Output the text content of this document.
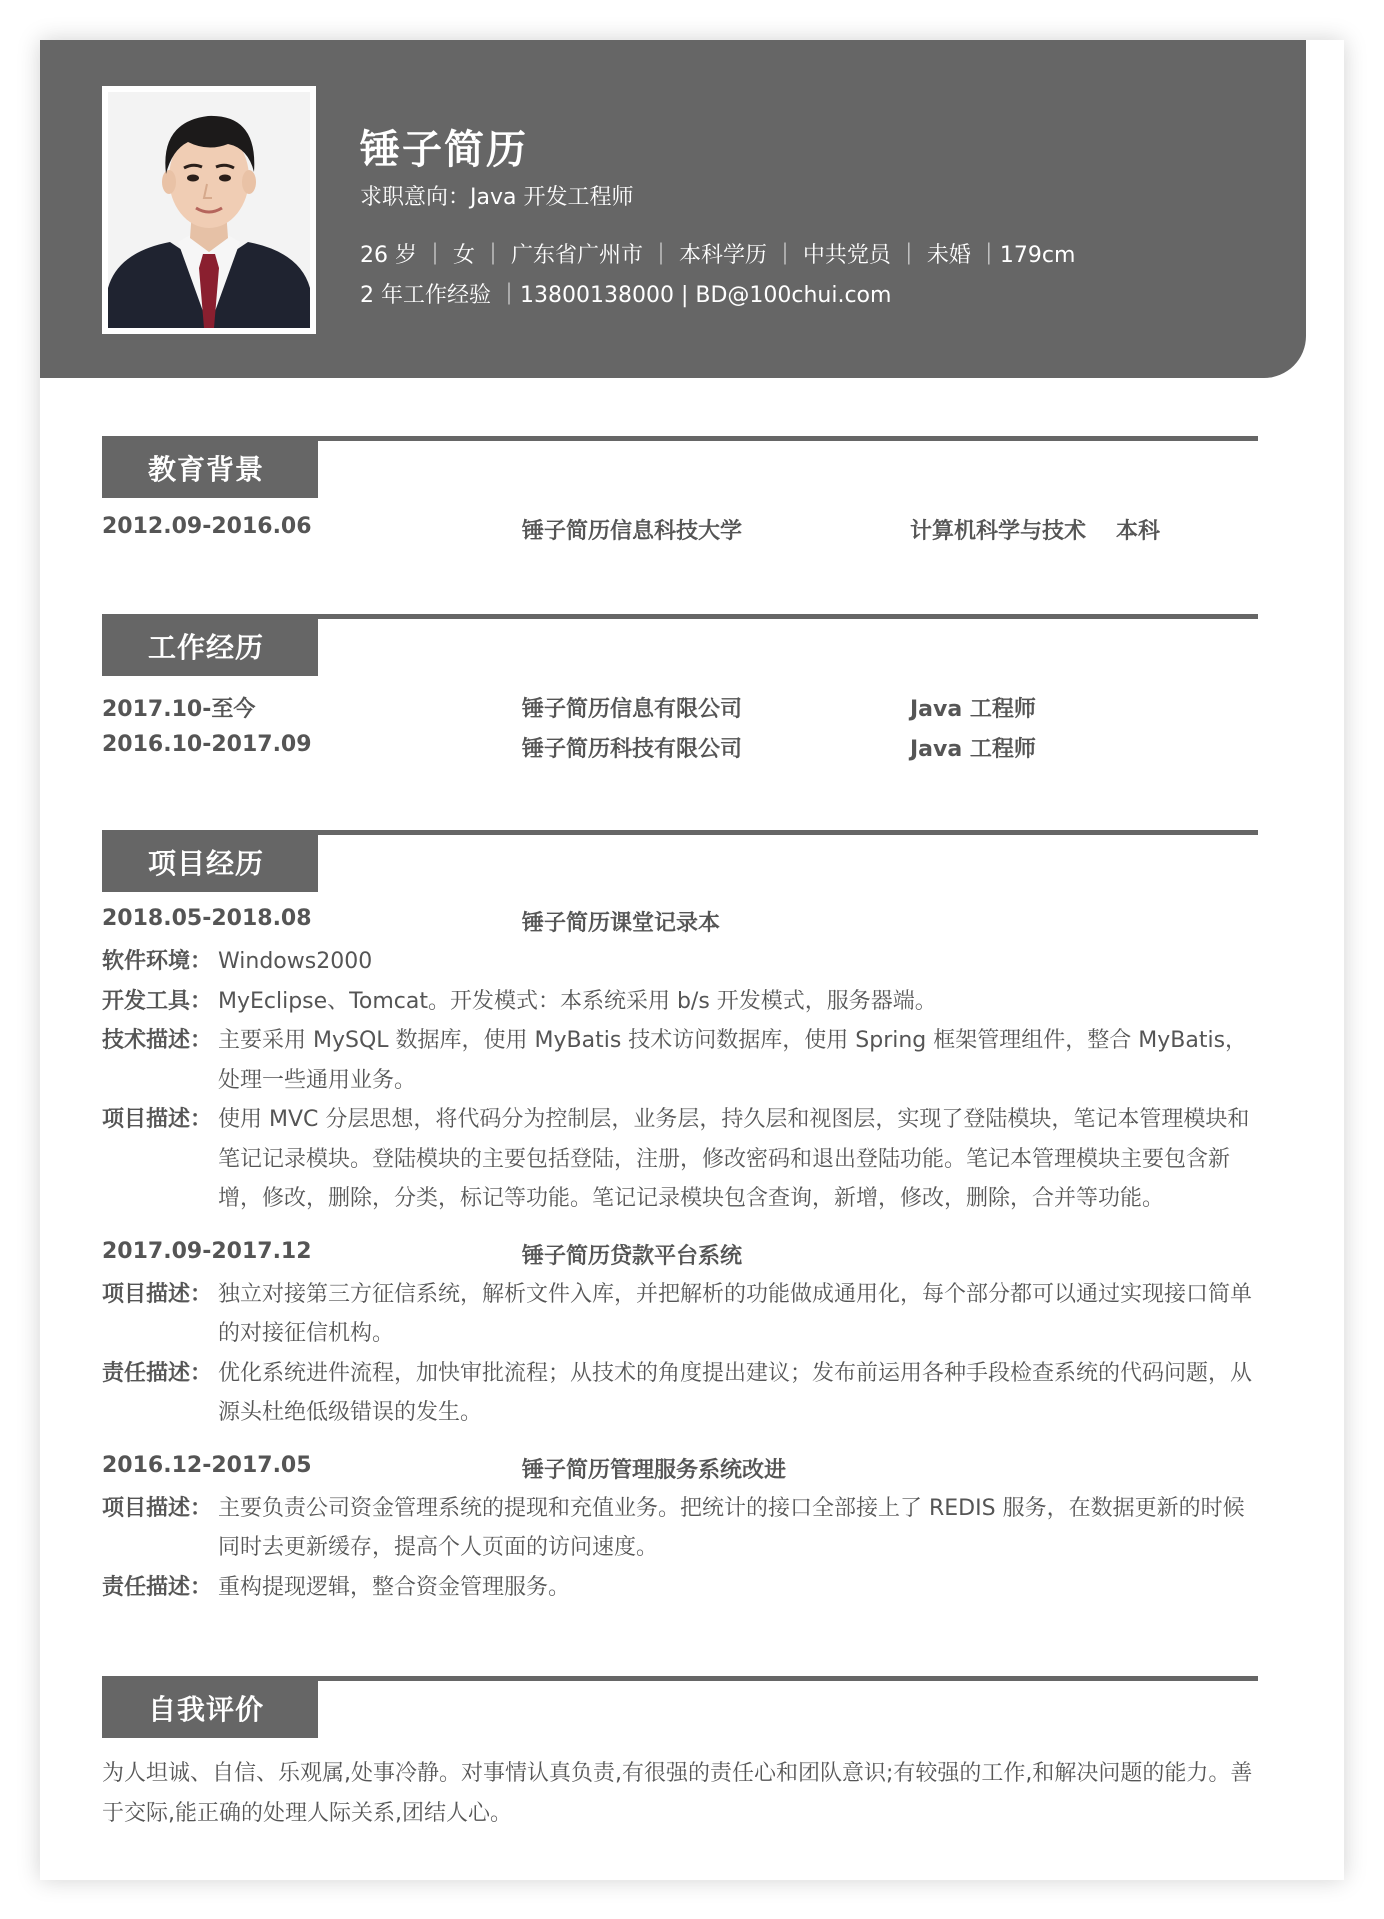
锤子简历
求职意向：Java 开发工程师
26 岁 ｜ 女 ｜ 广东省广州市 ｜ 本科学历 ｜ 中共党员 ｜ 未婚 ｜179cm
2 年工作经验 ｜13800138000 | BD@100chui.com
教育背景
2012.09-2016.06	锤子简历信息科技大学	计算机科学与技术 本科
工作经历
2017.10-至今	锤子简历信息有限公司	Java 工程师
2016.10-2017.09	锤子简历科技有限公司	Java 工程师
项目经历
2018.05-2018.08	锤子简历课堂记录本
软件环境： Windows2000
开发工具： MyEclipse、Tomcat。开发模式：本系统采用 b/s 开发模式，服务器端。
技术描述： 主要采用 MySQL 数据库，使用 MyBatis 技术访问数据库，使用 Spring 框架管理组件，整合 MyBatis，处理一些通用业务。
项目描述： 使用 MVC 分层思想，将代码分为控制层，业务层，持久层和视图层，实现了登陆模块，笔记本管理模块和笔记记录模块。登陆模块的主要包括登陆，注册，修改密码和退出登陆功能。笔记本管理模块主要包含新增，修改，删除，分类，标记等功能。笔记记录模块包含查询，新增，修改，删除，合并等功能。
2017.09-2017.12	锤子简历贷款平台系统
项目描述： 独立对接第三方征信系统，解析文件入库，并把解析的功能做成通用化，每个部分都可以通过实现接口简单的对接征信机构。
责任描述： 优化系统进件流程，加快审批流程；从技术的角度提出建议；发布前运用各种手段检查系统的代码问题，从源头杜绝低级错误的发生。
2016.12-2017.05	锤子简历管理服务系统改进
项目描述： 主要负责公司资金管理系统的提现和充值业务。把统计的接口全部接上了 REDIS 服务，在数据更新的时候同时去更新缓存，提高个人页面的访问速度。
责任描述： 重构提现逻辑，整合资金管理服务。
自我评价
为人坦诚、自信、乐观属,处事冷静。对事情认真负责,有很强的责任心和团队意识;有较强的工作,和解决问题的能力。善于交际,能正确的处理人际关系,团结人心。
